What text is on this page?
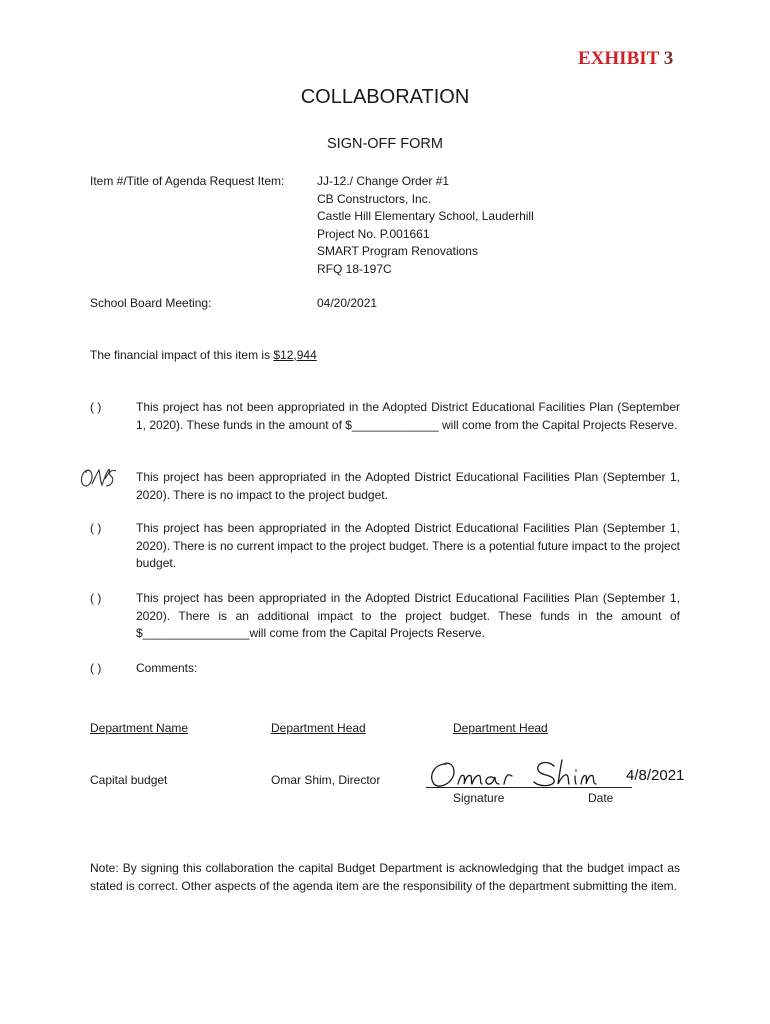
EXHIBIT 3
COLLABORATION
SIGN-OFF FORM
Item #/Title of Agenda Request Item:	JJ-12./ Change Order #1
CB Constructors, Inc.
Castle Hill Elementary School, Lauderhill
Project No. P.001661
SMART Program Renovations
RFQ 18-197C
School Board Meeting:	04/20/2021
The financial impact of this item is $12,944
( )	This project has not been appropriated in the Adopted District Educational Facilities Plan (September 1, 2020). These funds in the amount of $_____________ will come from the Capital Projects Reserve.
This project has been appropriated in the Adopted District Educational Facilities Plan (September 1, 2020). There is no impact to the project budget.
( )	This project has been appropriated in the Adopted District Educational Facilities Plan (September 1, 2020). There is no current impact to the project budget. There is a potential future impact to the project budget.
( )	This project has been appropriated in the Adopted District Educational Facilities Plan (September 1, 2020). There is an additional impact to the project budget. These funds in the amount of $________________will come from the Capital Projects Reserve.
( )	Comments:
Department Name	Department Head	Department Head
Capital budget	Omar Shim, Director	4/8/2021
Signature	Date
Note: By signing this collaboration the capital Budget Department is acknowledging that the budget impact as stated is correct. Other aspects of the agenda item are the responsibility of the department submitting the item.
